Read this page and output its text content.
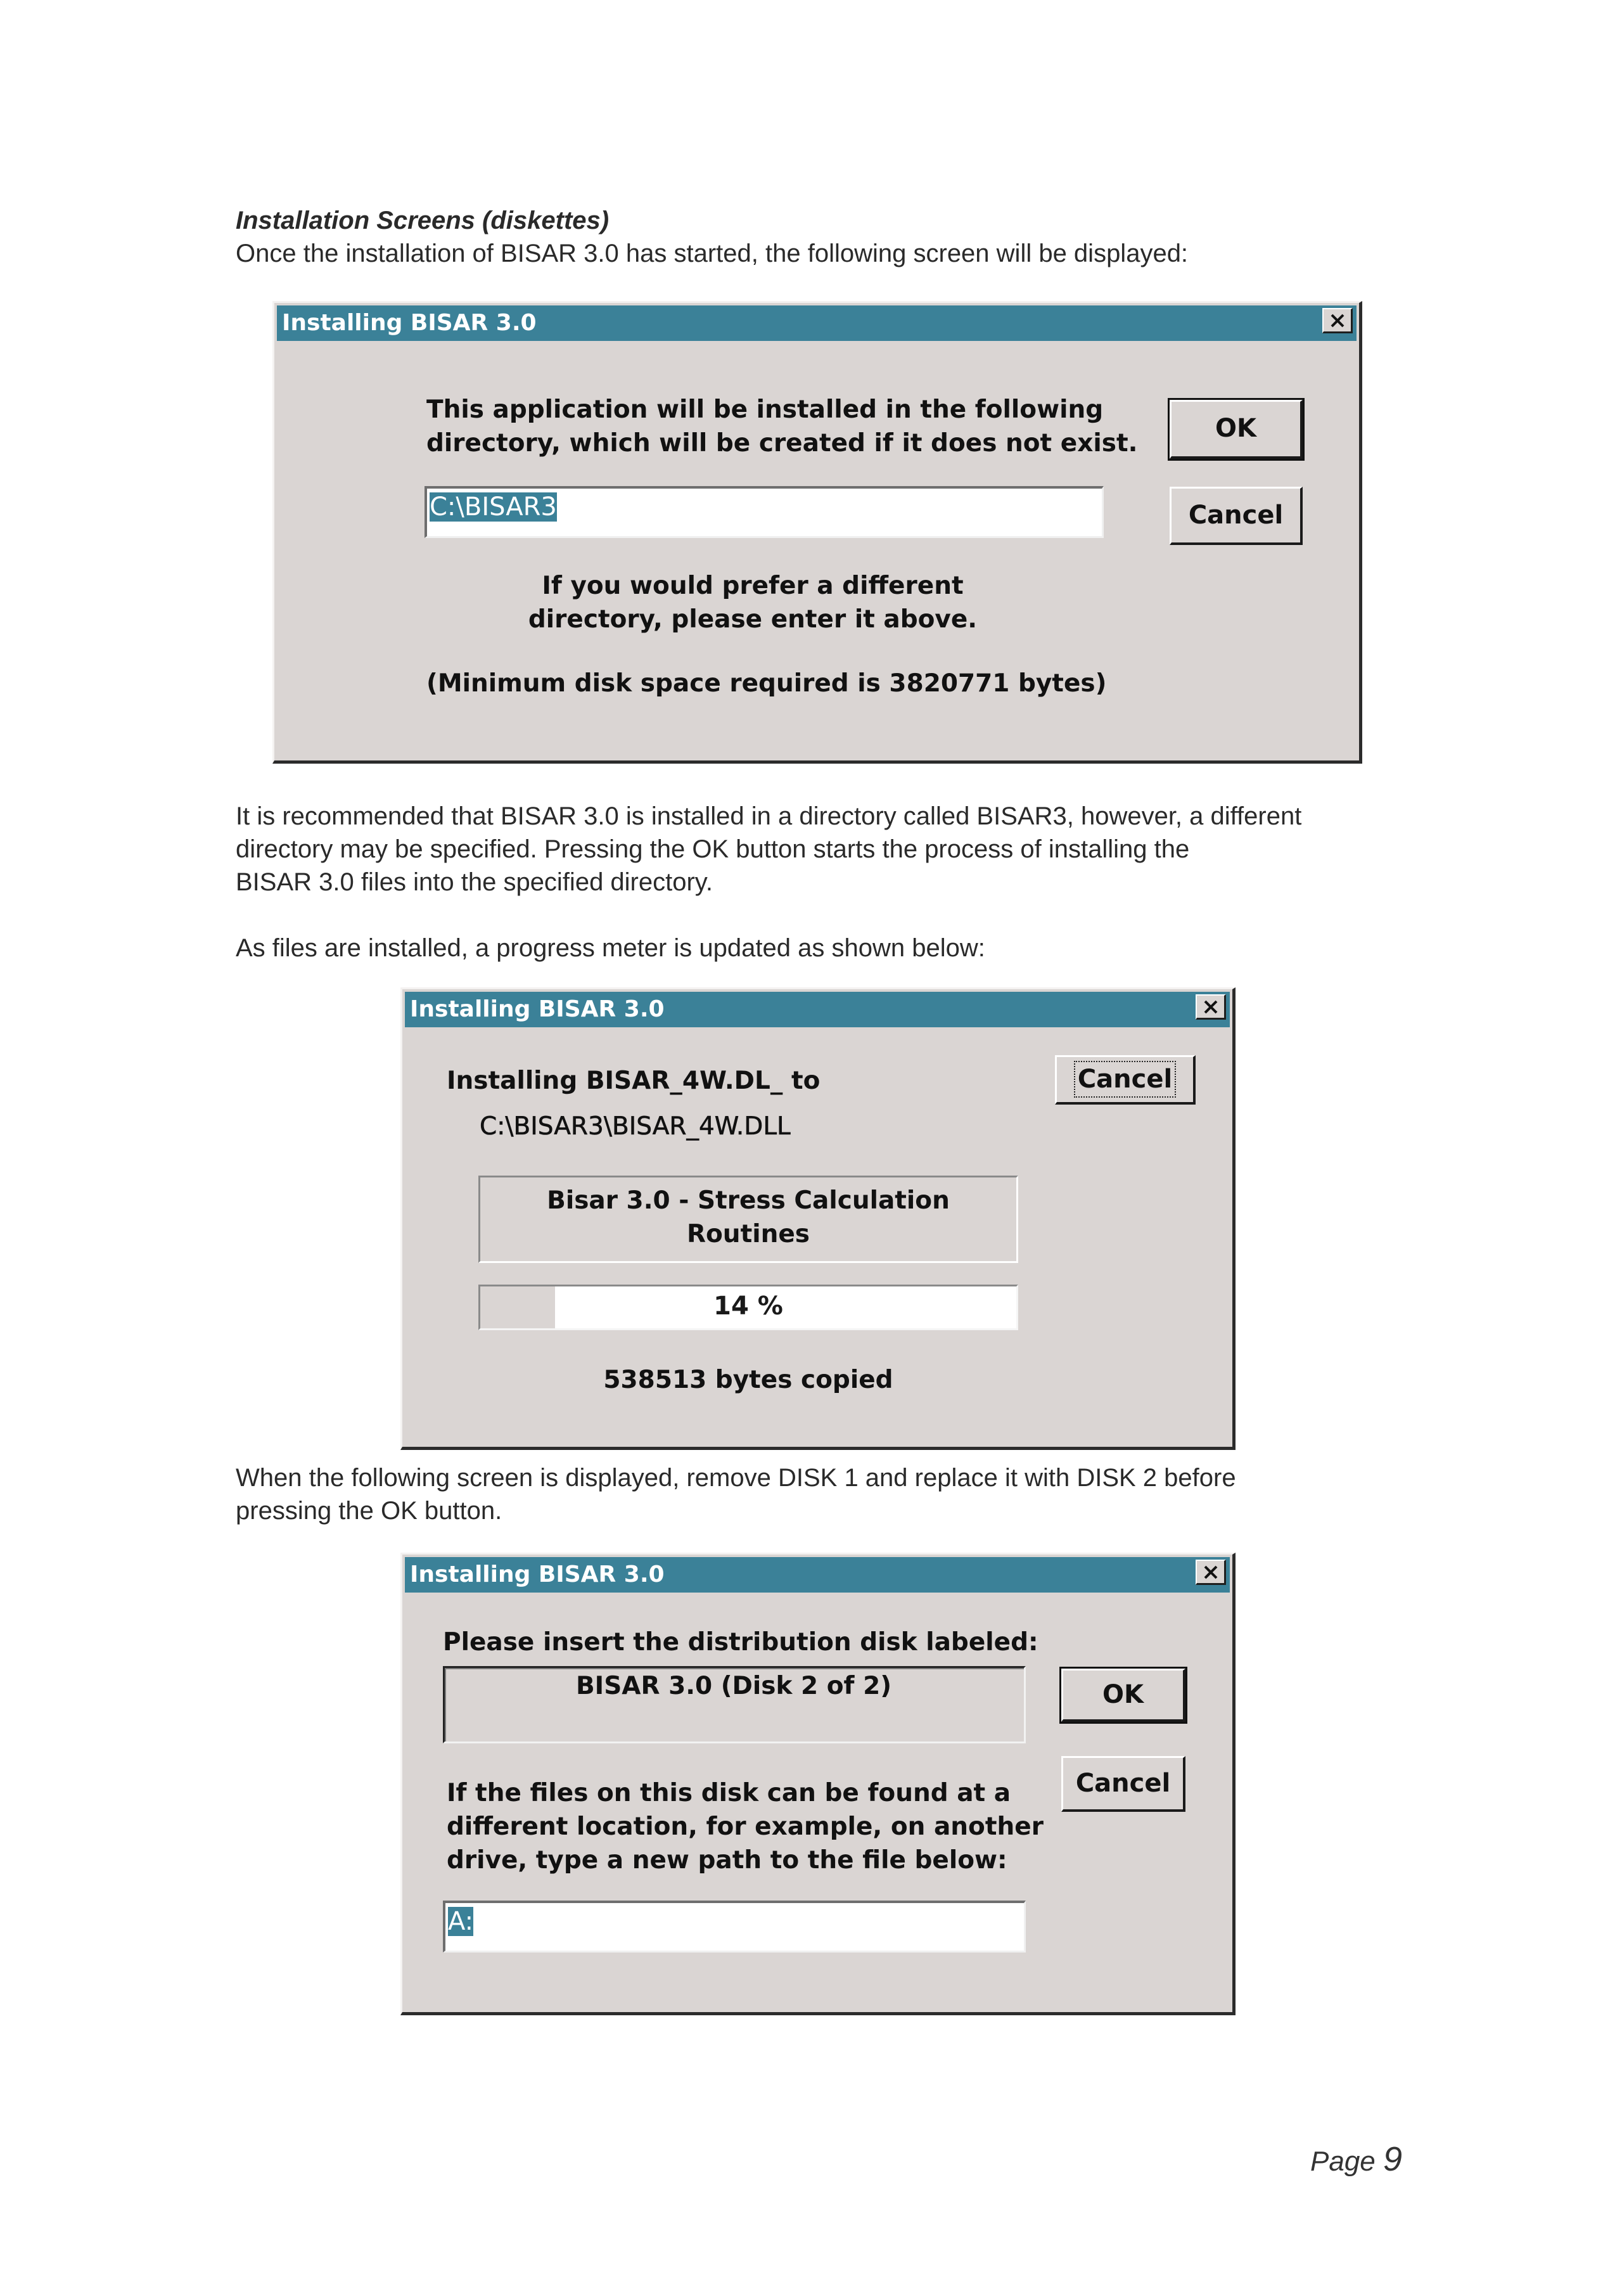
Installation Screens (diskettes)
Once the installation of BISAR 3.0 has started, the following screen will be displayed:
Installing BISAR 3.0
This application will be installed in the following
directory, which will be created if it does not exist.
C:\BISAR3
OK
Cancel
If you would prefer a different
directory, please enter it above.
(Minimum disk space required is 3820771 bytes)
It is recommended that BISAR 3.0 is installed in a directory called BISAR3, however, a different
directory may be specified. Pressing the OK button starts the process of installing the
BISAR 3.0 files into the specified directory.
As files are installed, a progress meter is updated as shown below:
Installing BISAR 3.0
Installing BISAR_4W.DL_ to
C:\BISAR3\BISAR_4W.DLL
Cancel
Bisar 3.0 - Stress Calculation
Routines
14 %
538513 bytes copied
When the following screen is displayed, remove DISK 1 and replace it with DISK 2 before
pressing the OK button.
Installing BISAR 3.0
Please insert the distribution disk labeled:
BISAR 3.0 (Disk 2 of 2)	OK
Cancel
If the files on this disk can be found at a
different location, for example, on another
drive, type a new path to the file below:
A:
Page 9
